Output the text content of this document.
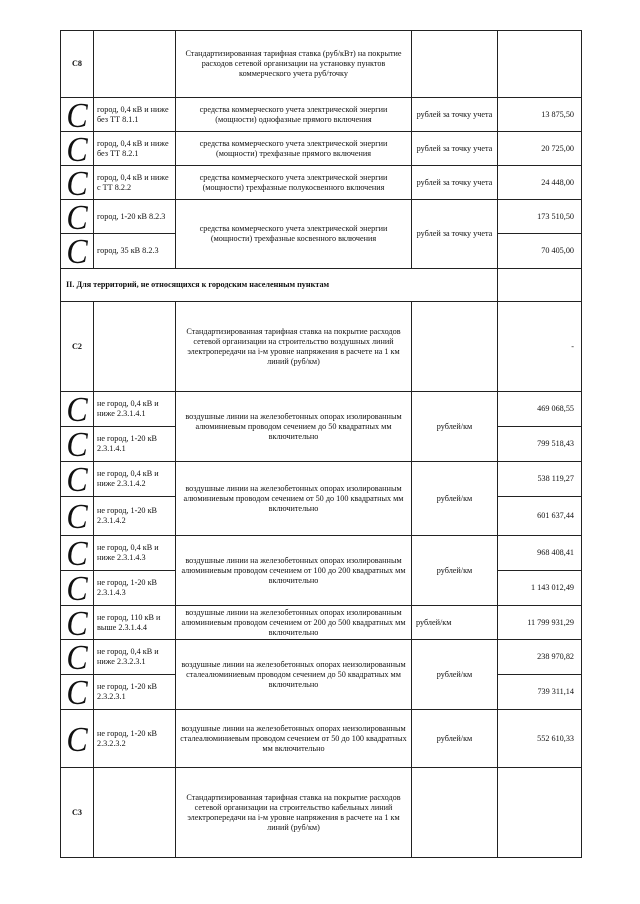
С8		Стандартизированная тарифная ставка (руб/кВт) на покрытие расходов сетевой организации на установку пунктов коммерческого учета руб/точку		

C	город, 0,4 кВ и ниже без ТТ 8.1.1	средства коммерческого учета электрической энергии (мощности) однофазные прямого включения	рублей за точку учета	13 875,50

C	город, 0,4 кВ и ниже без ТТ 8.2.1	средства коммерческого учета электрической энергии (мощности) трехфазные прямого включения	рублей за точку учета	20 725,00

C	город, 0,4 кВ и ниже с ТТ 8.2.2	средства коммерческого учета электрической энергии (мощности) трехфазные полукосвенного включения	рублей за точку учета	24 448,00

C	город, 1-20 кВ 8.2.3	средства коммерческого учета электрической энергии (мощности) трехфазные косвенного включения	рублей за точку учета	173 510,50

C	город, 35 кВ 8.2.3			70 405,00
II. Для территорий, не относящихся к городским населенным пунктам				
С2		Стандартизированная тарифная ставка на покрытие расходов сетевой организации на строительство воздушных линий электропередачи на i-м уровне напряжения в расчете на 1 км линий (руб/км)		-

C	не город, 0,4 кВ и ниже 2.3.1.4.1	воздушные линии на железобетонных опорах изолированным алюминиевым проводом сечением до 50 квадратных мм включительно	рублей/км	469 068,55

C	не город, 1-20 кВ 2.3.1.4.1			799 518,43

C	не город, 0,4 кВ и ниже 2.3.1.4.2	воздушные линии на железобетонных опорах изолированным алюминиевым проводом сечением от 50 до 100 квадратных мм включительно	рублей/км	538 119,27

C	не город, 1-20 кВ 2.3.1.4.2			601 637,44

C	не город, 0,4 кВ и ниже 2.3.1.4.3	воздушные линии на железобетонных опорах изолированным алюминиевым проводом сечением от 100 до 200 квадратных мм включительно	рублей/км	968 408,41

C	не город, 1-20 кВ 2.3.1.4.3			1 143 012,49

C	не город, 110 кВ и выше 2.3.1.4.4	воздушные линии на железобетонных опорах изолированным алюминиевым проводом сечением от 200 до 500 квадратных мм включительно	рублей/км	11 799 931,29

C	не город, 0,4 кВ и ниже 2.3.2.3.1	воздушные линии на железобетонных опорах неизолированным сталеалюминиевым проводом сечением до 50 квадратных мм включительно	рублей/км	238 970,82

C	не город, 1-20 кВ 2.3.2.3.1			739 311,14

C	не город, 1-20 кВ 2.3.2.3.2	воздушные линии на железобетонных опорах неизолированным сталеалюминиевым проводом сечением от 50 до 100 квадратных мм включительно	рублей/км	552 610,33
С3		Стандартизированная тарифная ставка на покрытие расходов сетевой организации на строительство кабельных линий электропередачи на i-м уровне напряжения в расчете на 1 км линий (руб/км)		
